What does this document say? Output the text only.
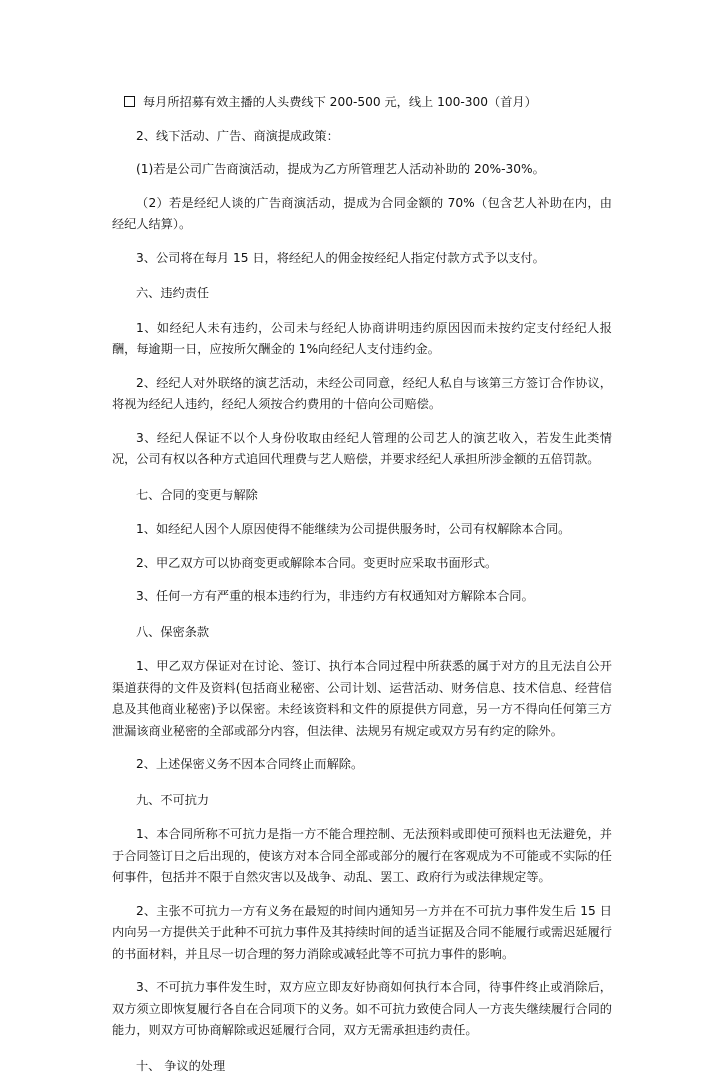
每月所招募有效主播的人头费线下 200-500 元，线上 100-300（首月）

2、线下活动、广告、商演提成政策：

(1)若是公司广告商演活动，提成为乙方所管理艺人活动补助的 20%-30%。

（2）若是经纪人谈的广告商演活动，提成为合同金额的 70%（包含艺人补助在内，由经纪人结算）。

3、公司将在每月 15 日，将经纪人的佣金按经纪人指定付款方式予以支付。

六、违约责任

1、如经纪人未有违约，公司未与经纪人协商讲明违约原因因而未按约定支付经纪人报酬，每逾期一日，应按所欠酬金的 1%向经纪人支付违约金。

2、经纪人对外联络的演艺活动，未经公司同意，经纪人私自与该第三方签订合作协议，将视为经纪人违约，经纪人须按合约费用的十倍向公司赔偿。

3、经纪人保证不以个人身份收取由经纪人管理的公司艺人的演艺收入，若发生此类情况，公司有权以各种方式追回代理费与艺人赔偿，并要求经纪人承担所涉金额的五倍罚款。

七、合同的变更与解除

1、如经纪人因个人原因使得不能继续为公司提供服务时，公司有权解除本合同。

2、甲乙双方可以协商变更或解除本合同。变更时应采取书面形式。

3、任何一方有严重的根本违约行为，非违约方有权通知对方解除本合同。

八、保密条款

1、甲乙双方保证对在讨论、签订、执行本合同过程中所获悉的属于对方的且无法自公开渠道获得的文件及资料(包括商业秘密、公司计划、运营活动、财务信息、技术信息、经营信息及其他商业秘密)予以保密。未经该资料和文件的原提供方同意，另一方不得向任何第三方泄漏该商业秘密的全部或部分内容，但法律、法规另有规定或双方另有约定的除外。

2、上述保密义务不因本合同终止而解除。

九、不可抗力

1、本合同所称不可抗力是指一方不能合理控制、无法预料或即使可预料也无法避免，并于合同签订日之后出现的，使该方对本合同全部或部分的履行在客观成为不可能或不实际的任何事件，包括并不限于自然灾害以及战争、动乱、罢工、政府行为或法律规定等。

2、主张不可抗力一方有义务在最短的时间内通知另一方并在不可抗力事件发生后 15 日内向另一方提供关于此种不可抗力事件及其持续时间的适当证据及合同不能履行或需迟延履行的书面材料，并且尽一切合理的努力消除或减轻此等不可抗力事件的影响。

3、不可抗力事件发生时，双方应立即友好协商如何执行本合同，待事件终止或消除后，双方须立即恢复履行各自在合同项下的义务。如不可抗力致使合同人一方丧失继续履行合同的能力，则双方可协商解除或迟延履行合同，双方无需承担违约责任。

十、 争议的处理
